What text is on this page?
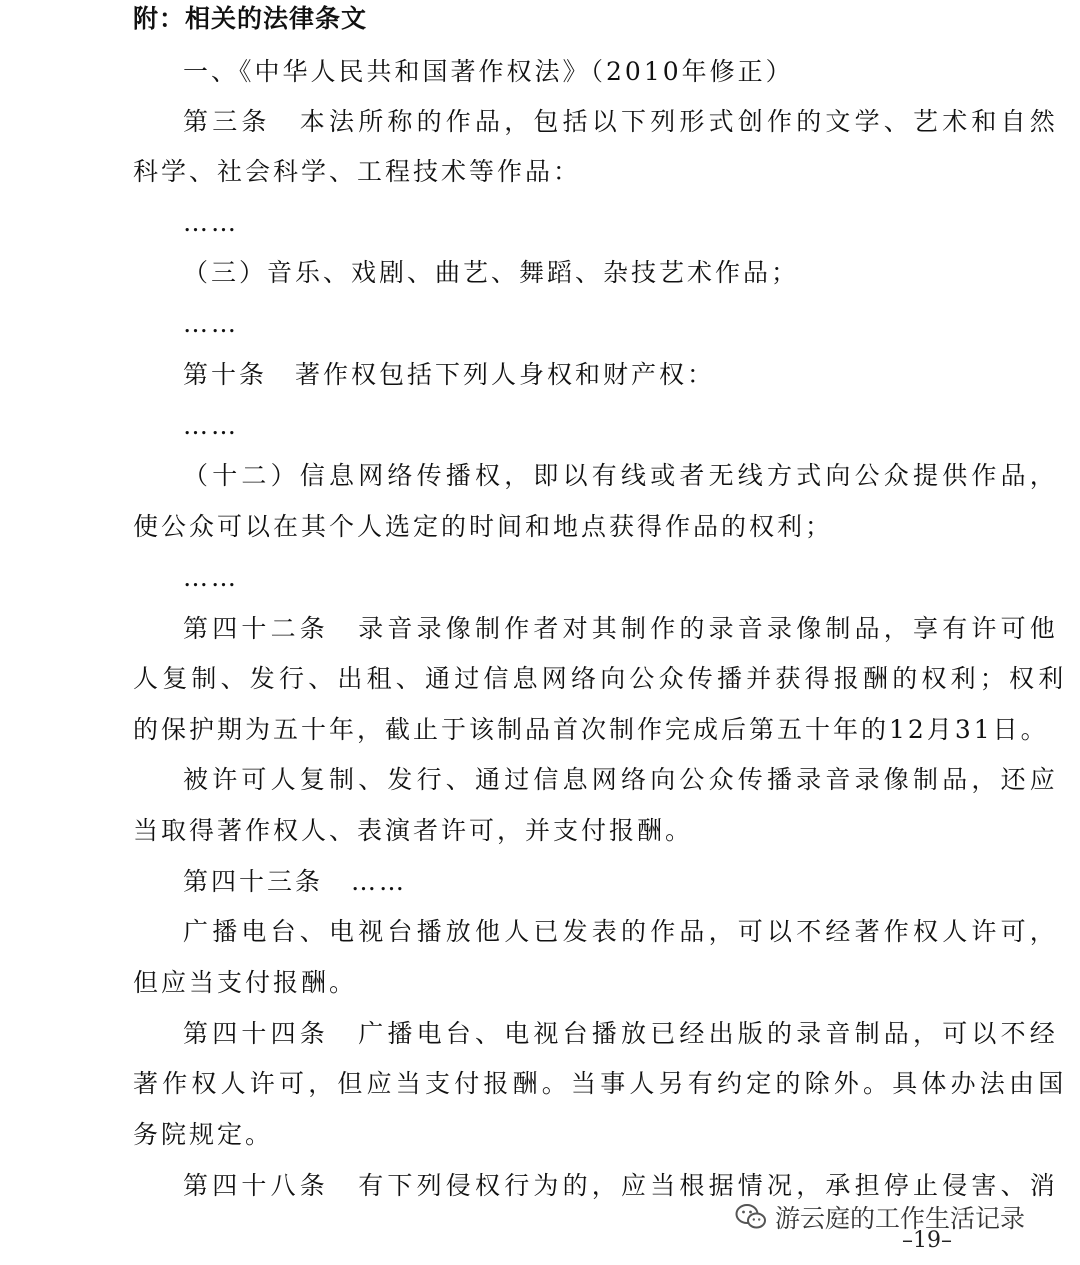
附：相关的法律条文
一、《中华人民共和国著作权法》（2010年修正）
第三条　本法所称的作品，包括以下列形式创作的文学、艺术和自然
科学、社会科学、工程技术等作品：
……
（三）音乐、戏剧、曲艺、舞蹈、杂技艺术作品；
……
第十条　著作权包括下列人身权和财产权：
……
（十二）信息网络传播权，即以有线或者无线方式向公众提供作品，
使公众可以在其个人选定的时间和地点获得作品的权利；
……
第四十二条　录音录像制作者对其制作的录音录像制品，享有许可他
人复制、发行、出租、通过信息网络向公众传播并获得报酬的权利；权利
的保护期为五十年，截止于该制品首次制作完成后第五十年的12月31日。
被许可人复制、发行、通过信息网络向公众传播录音录像制品，还应
当取得著作权人、表演者许可，并支付报酬。
第四十三条　……
广播电台、电视台播放他人已发表的作品，可以不经著作权人许可，
但应当支付报酬。
第四十四条　广播电台、电视台播放已经出版的录音制品，可以不经
著作权人许可，但应当支付报酬。当事人另有约定的除外。具体办法由国
务院规定。
第四十八条　有下列侵权行为的，应当根据情况，承担停止侵害、消
游云庭的工作生活记录
–19–
